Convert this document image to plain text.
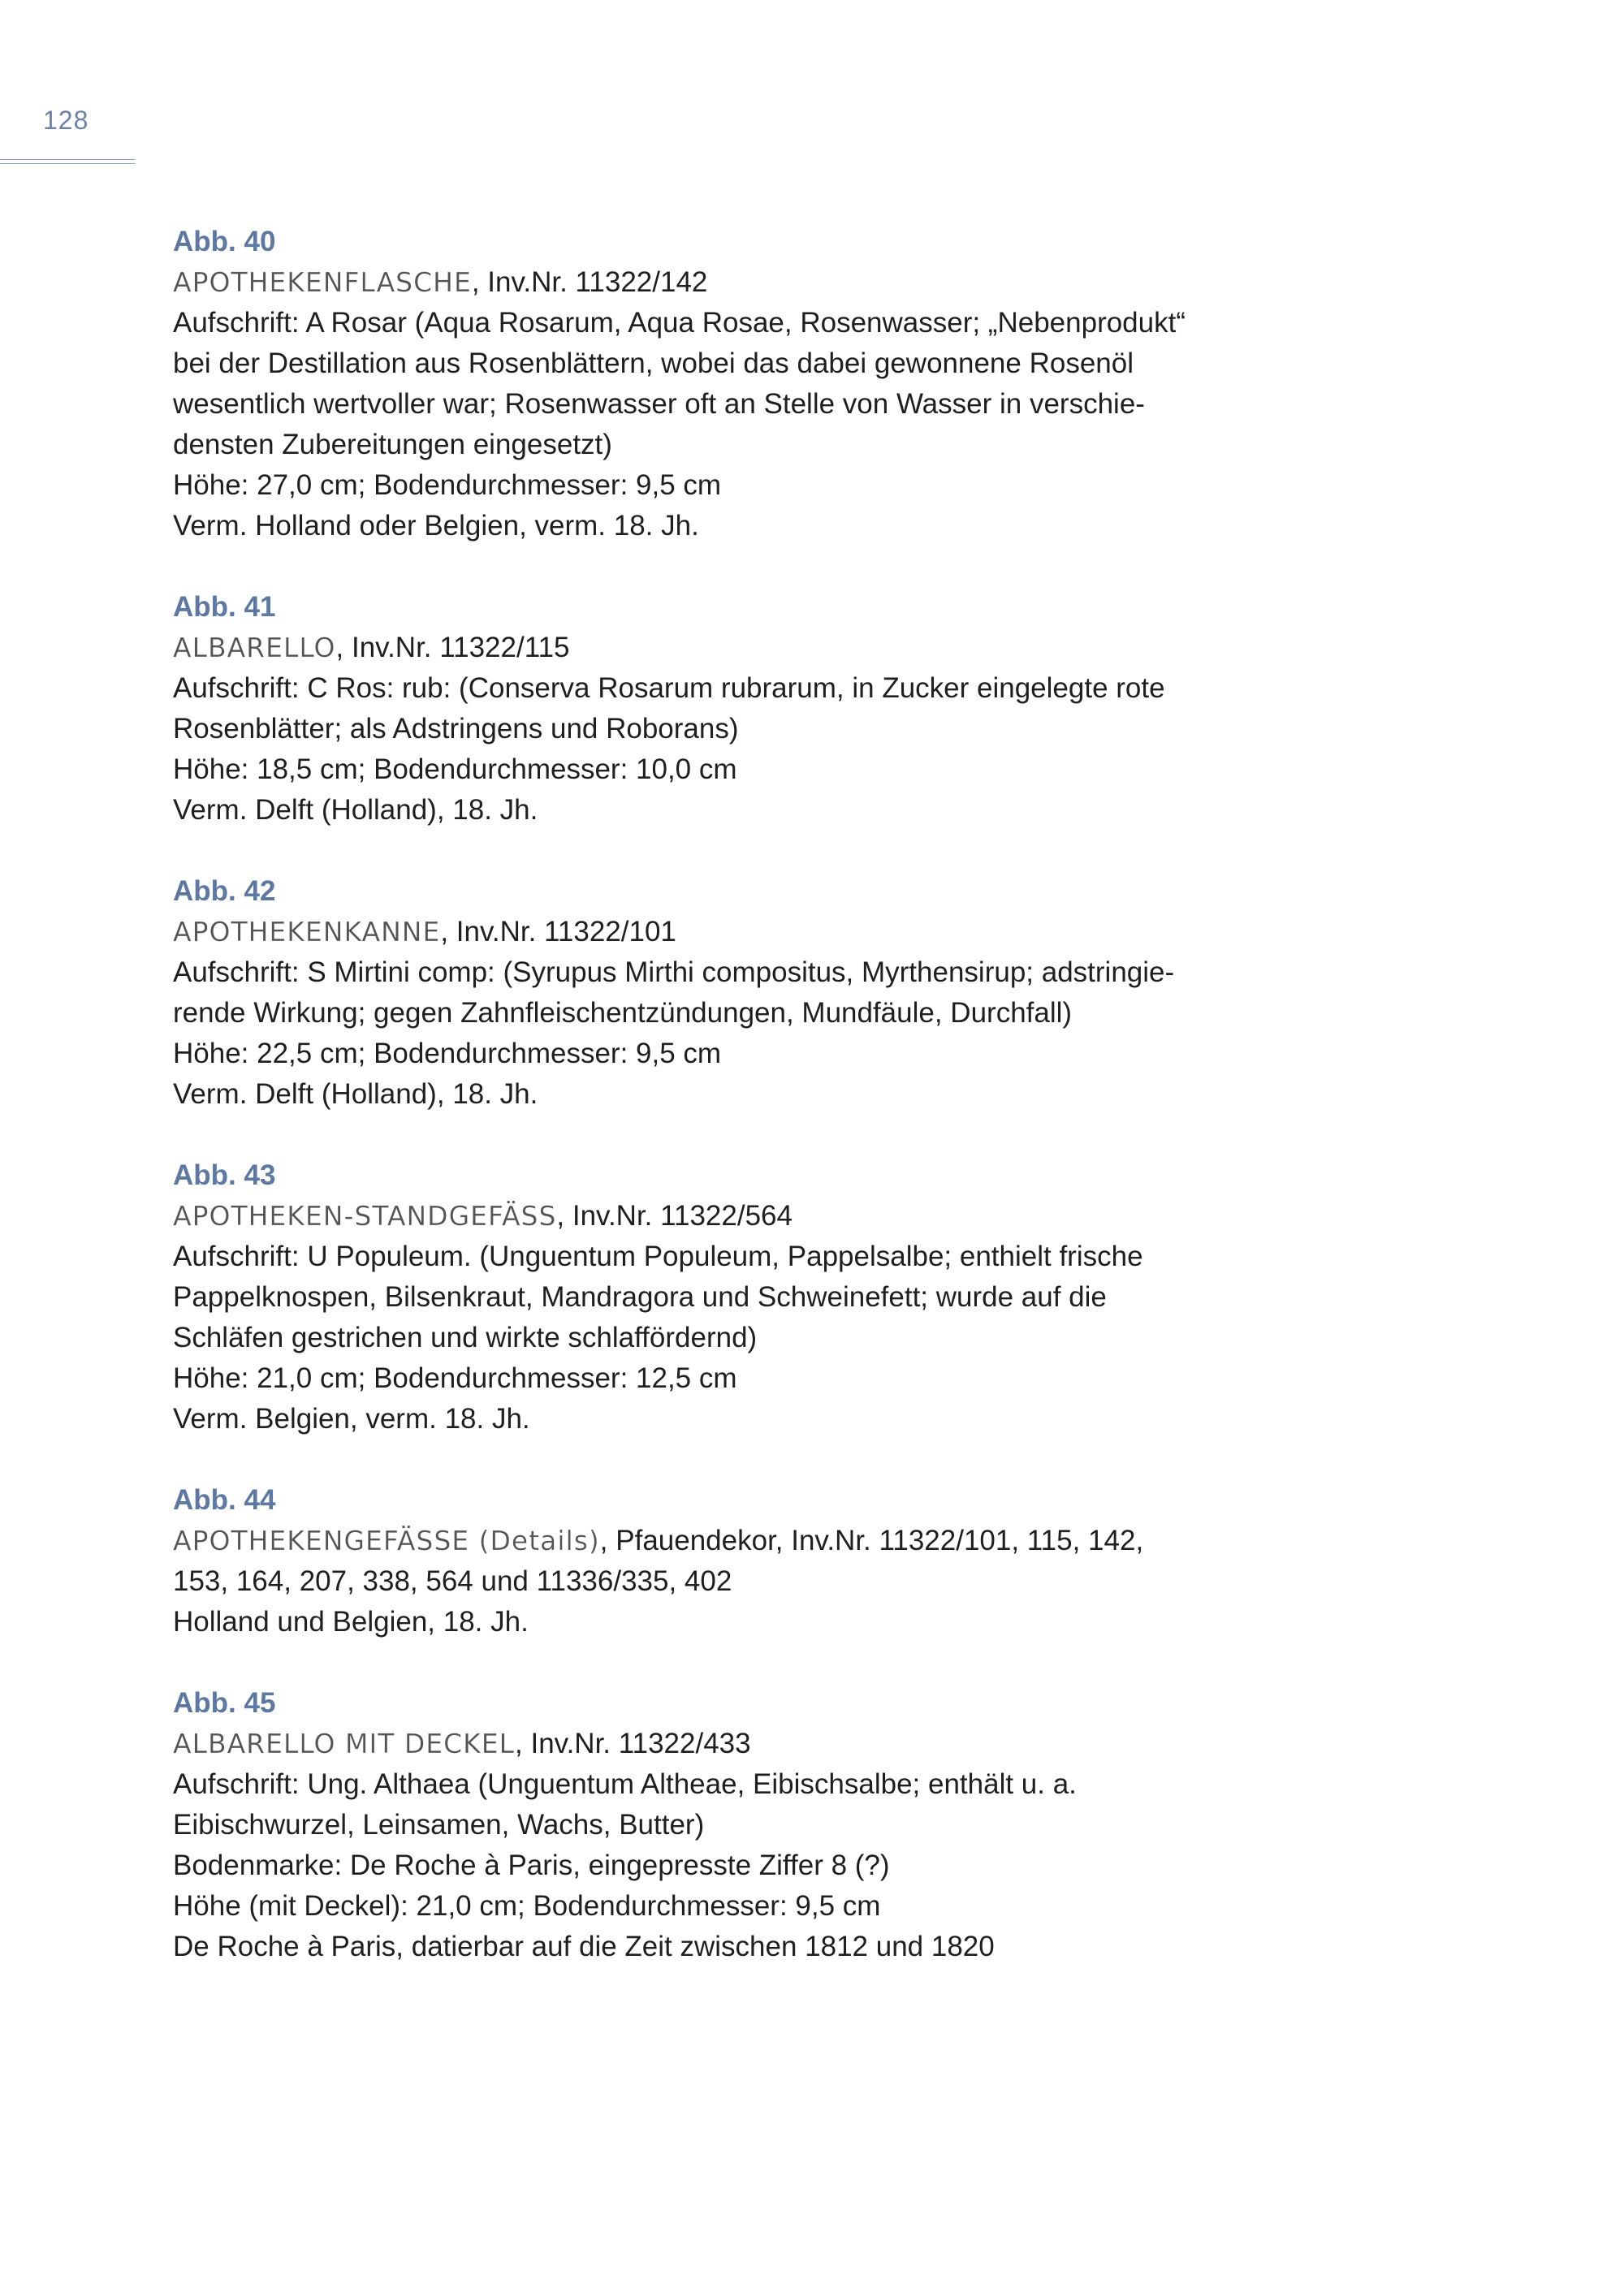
128
Abb. 40
APOTHEKENFLASCHE, Inv.Nr. 11322/142
Aufschrift: A Rosar (Aqua Rosarum, Aqua Rosae, Rosenwasser; „Nebenprodukt“
bei der Destillation aus Rosenblättern, wobei das dabei gewonnene Rosenöl
wesentlich wertvoller war; Rosenwasser oft an Stelle von Wasser in verschie-
densten Zubereitungen eingesetzt)
Höhe: 27,0 cm; Bodendurchmesser: 9,5 cm
Verm. Holland oder Belgien, verm. 18. Jh.
Abb. 41
ALBARELLO, Inv.Nr. 11322/115
Aufschrift: C Ros: rub: (Conserva Rosarum rubrarum, in Zucker eingelegte rote
Rosenblätter; als Adstringens und Roborans)
Höhe: 18,5 cm; Bodendurchmesser: 10,0 cm
Verm. Delft (Holland), 18. Jh.
Abb. 42
APOTHEKENKANNE, Inv.Nr. 11322/101
Aufschrift: S Mirtini comp: (Syrupus Mirthi compositus, Myrthensirup; adstringie-
rende Wirkung; gegen Zahnfleischentzündungen, Mundfäule, Durchfall)
Höhe: 22,5 cm; Bodendurchmesser: 9,5 cm
Verm. Delft (Holland), 18. Jh.
Abb. 43
APOTHEKEN-STANDGEFÄSS, Inv.Nr. 11322/564
Aufschrift: U Populeum. (Unguentum Populeum, Pappelsalbe; enthielt frische
Pappelknospen, Bilsenkraut, Mandragora und Schweinefett; wurde auf die
Schläfen gestrichen und wirkte schlaffördernd)
Höhe: 21,0 cm; Bodendurchmesser: 12,5 cm
Verm. Belgien, verm. 18. Jh.
Abb. 44
APOTHEKENGEFÄSSE (Details), Pfauendekor, Inv.Nr. 11322/101, 115, 142,
153, 164, 207, 338, 564 und 11336/335, 402
Holland und Belgien, 18. Jh.
Abb. 45
ALBARELLO MIT DECKEL, Inv.Nr. 11322/433
Aufschrift: Ung. Althaea (Unguentum Altheae, Eibischsalbe; enthält u. a.
Eibischwurzel, Leinsamen, Wachs, Butter)
Bodenmarke: De Roche à Paris, eingepresste Ziffer 8 (?)
Höhe (mit Deckel): 21,0 cm; Bodendurchmesser: 9,5 cm
De Roche à Paris, datierbar auf die Zeit zwischen 1812 und 1820
